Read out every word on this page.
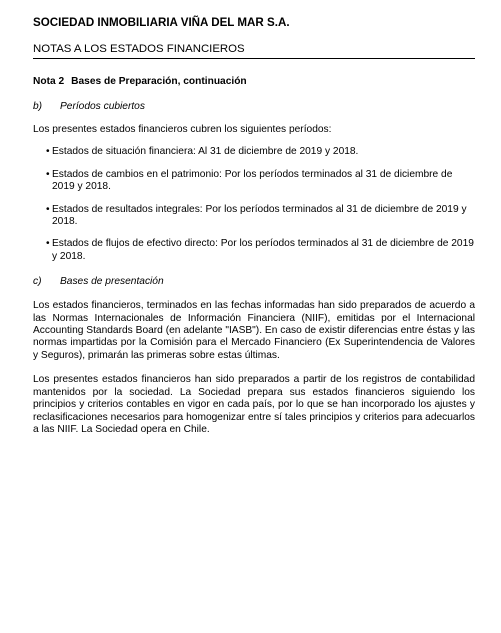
SOCIEDAD INMOBILIARIA VIÑA DEL MAR S.A.

NOTAS A LOS ESTADOS FINANCIEROS

Nota 2 Bases de Preparación, continuación

b) Períodos cubiertos

Los presentes estados financieros cubren los siguientes períodos:

• Estados de situación financiera: Al 31 de diciembre de 2019 y 2018.
• Estados de cambios en el patrimonio: Por los períodos terminados al 31 de diciembre de 2019 y 2018.
• Estados de resultados integrales: Por los períodos terminados al 31 de diciembre de 2019 y 2018.
• Estados de flujos de efectivo directo: Por los períodos terminados al 31 de diciembre de 2019 y 2018.

c) Bases de presentación

Los estados financieros, terminados en las fechas informadas han sido preparados de acuerdo a las Normas Internacionales de Información Financiera (NIIF), emitidas por el Internacional Accounting Standards Board (en adelante "IASB"). En caso de existir diferencias entre éstas y las normas impartidas por la Comisión para el Mercado Financiero (Ex Superintendencia de Valores y Seguros), primarán las primeras sobre estas últimas.

Los presentes estados financieros han sido preparados a partir de los registros de contabilidad mantenidos por la sociedad. La Sociedad prepara sus estados financieros siguiendo los principios y criterios contables en vigor en cada país, por lo que se han incorporado los ajustes y reclasificaciones necesarios para homogenizar entre sí tales principios y criterios para adecuarlos a las NIIF. La Sociedad opera en Chile.
